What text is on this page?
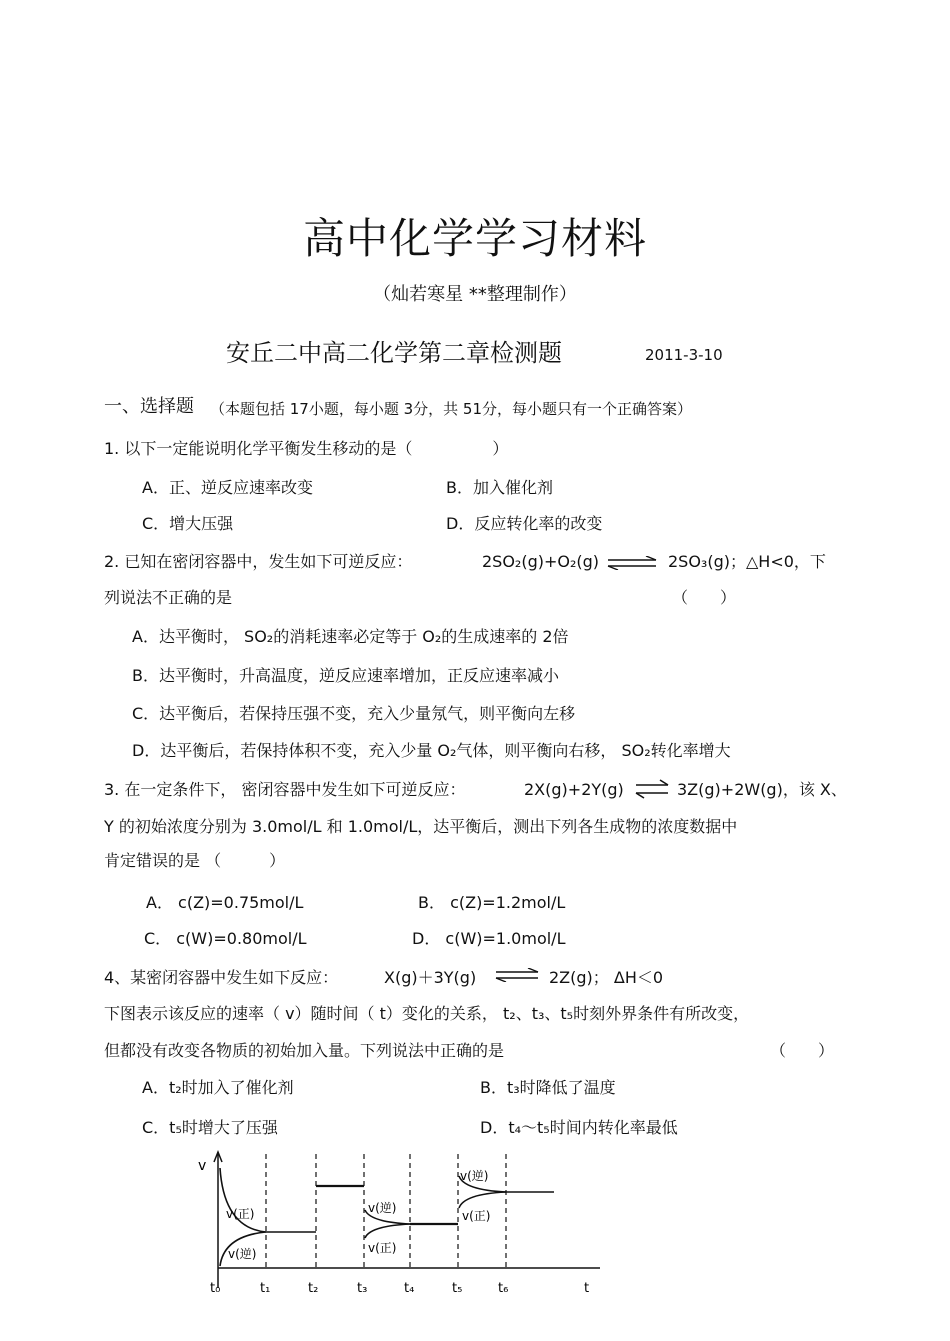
高中化学学习材料
（灿若寒星 **整理制作）
安丘二中高二化学第二章检测题	2011-3-10
一、选择题 （本题包括 17小题，每小题 3分，共 51分，每小题只有一个正确答案）
1. 以下一定能说明化学平衡发生移动的是（　　　　　）
A．正、逆反应速率改变	B．加入催化剂
C．增大压强	D．反应转化率的改变
2. 已知在密闭容器中，发生如下可逆反应：	2SO₂(g)+O₂(g) ⇌ 2SO₃(g)；△H<0，下
列说法不正确的是	（　　）
A．达平衡时， SO₂的消耗速率必定等于 O₂的生成速率的 2倍
B．达平衡时，升高温度，逆反应速率增加，正反应速率减小
C．达平衡后，若保持压强不变，充入少量氖气，则平衡向左移
D．达平衡后，若保持体积不变，充入少量 O₂气体，则平衡向右移， SO₂转化率增大
3. 在一定条件下， 密闭容器中发生如下可逆反应：	2X(g)+2Y(g) ⇌ 3Z(g)+2W(g)，该 X、
Y 的初始浓度分别为 3.0mol/L 和 1.0mol/L，达平衡后，测出下列各生成物的浓度数据中
肯定错误的是 （　　　）
A． c(Z)=0.75mol/L	B． c(Z)=1.2mol/L
C． c(W)=0.80mol/L	D． c(W)=1.0mol/L
4、某密闭容器中发生如下反应：	X(g)＋3Y(g) ⇌ 2Z(g)； ΔH＜0
下图表示该反应的速率（ v）随时间（ t）变化的关系， t₂、t₃、t₅时刻外界条件有所改变，
但都没有改变各物质的初始加入量。下列说法中正确的是	（　　）
A．t₂时加入了催化剂	B．t₃时降低了温度
C．t₅时增大了压强	D．t₄～t₅时间内转化率最低
v
v(正)
v(逆)
v(逆)
v(正)
v(逆)
v(正)
t₀	t₁	t₂	t₃	t₄	t₅	t₆	t
